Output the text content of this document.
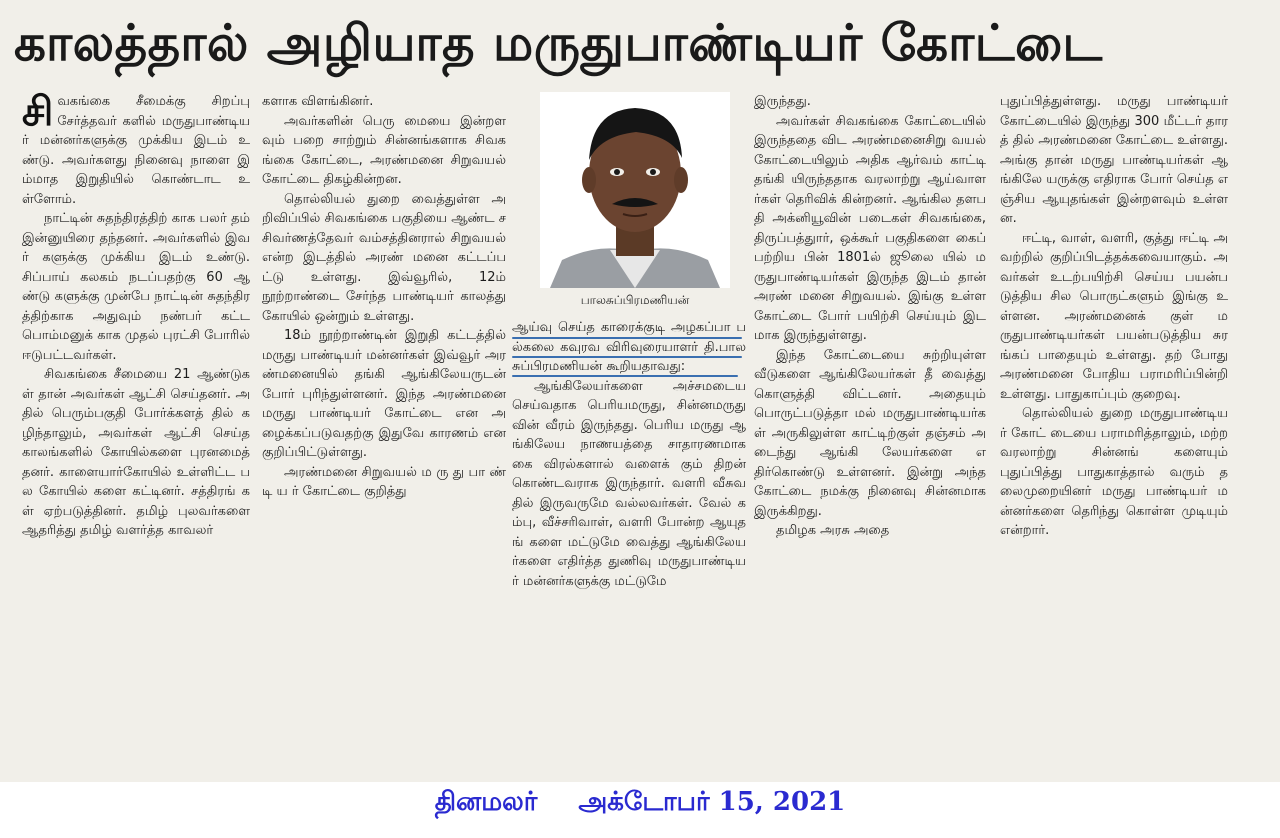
காலத்தால் அழியாத மருதுபாண்டியர் கோட்டை

சிவகங்கை சீமைக்கு சிறப்பு சேர்த்தவர் களில் மருதுபாண்டியர் மன்னர்களுக்கு முக்கிய இடம் உண்டு. அவர்களது நினைவு நாளை இம்மாத இறுதியில் கொண்டாட உள்ளோம்.

நாட்டின் சுதந்திரத்திற் காக பலர் தம் இன்னுயிரை தந்தனர். அவர்களில் இவர் களுக்கு முக்கிய இடம் உண்டு. சிப்பாய் கலகம் நடப்பதற்கு 60 ஆண்டு களுக்கு முன்பே நாட்டின் சுதந்திரத்திற்காக அதுவும் நண்பர் கட்டபொம்மனுக் காக முதல் புரட்சி போரில் ஈடுபட்டவர்கள்.

சிவகங்கை சீமையை 21 ஆண்டுகள் தான் அவர்கள் ஆட்சி செய்தனர். அதில் பெரும்பகுதி போர்க்களத் தில் கழிந்தாலும், அவர்கள் ஆட்சி செய்த காலங்களில் கோயில்களை புரனமைத் தனர். காளையார்கோயில் உள்ளிட்ட பல கோயில் களை கட்டினர். சத்திரங் கள் ஏற்படுத்தினர். தமிழ் புலவர்களை ஆதரித்து தமிழ் வளர்த்த காவலர்

களாக விளங்கினர்.

அவர்களின் பெரு மையை இன்றளவும் பறை சாற்றும் சின்னங்களாக சிவகங்கை கோட்டை, அரண்மனை சிறுவயல் கோட்டை திகழ்கின்றன.

தொல்லியல் துறை வைத்துள்ள அறிவிப்பில் சிவகங்கை பகுதியை ஆண்ட சசிவர்ணத்தேவர் வம்சத்தினரால் சிறுவயல் என்ற இடத்தில் அரண் மனை கட்டப்பட்டு உள்ளது. இவ்வூரில், 12ம் நூற்றாண்டை சேர்ந்த பாண்டியர் காலத்து கோயில் ஒன்றும் உள்ளது.

18ம் நூற்றாண்டின் இறுதி கட்டத்தில் மருது பாண்டியர் மன்னர்கள் இவ்வூர் அரண்மனையில் தங்கி ஆங்கிலேயருடன் போர் புரிந்துள்ளனர். இந்த அரண்மனை மருது பாண்டியர் கோட்டை என அழைக்கப்படுவதற்கு இதுவே காரணம் என குறிப்பிட்டுள்ளது.

அரண்மனை சிறுவயல் ம ரு து பா ண் டி ய ர் கோட்டை குறித்து

பாலசுப்பிரமணியன்

ஆய்வு செய்த காரைக்குடி அழகப்பா பல்கலை கவுரவ விரிவுரையாளர் தி.பாலசுப்பிரமணியன் கூறியதாவது:

ஆங்கிலேயர்களை அச்சமடைய செய்வதாக பெரியமருது, சின்னமருது வின் வீரம் இருந்தது. பெரிய மருது ஆங்கிலேய நாணயத்தை சாதாரணமாக கை விரல்களால் வளைக் கும் திறன் கொண்டவராக இருந்தார். வளரி வீசுவதில் இருவருமே வல்லவர்கள். வேல் கம்பு, வீச்சரிவாள், வளரி போன்ற ஆயுதங் களை மட்டுமே வைத்து ஆங்கிலேயர்களை எதிர்த்த துணிவு மருதுபாண்டியர் மன்னர்களுக்கு மட்டுமே

இருந்தது.

அவர்கள் சிவகங்கை கோட்டையில் இருந்ததை விட அரண்மனைசிறு வயல் கோட்டையிலும் அதிக ஆர்வம் காட்டி தங்கி யிருந்ததாக வரலாற்று ஆய்வாளர்கள் தெரிவிக் கின்றனர். ஆங்கில தளபதி அக்னியூவின் படைகள் சிவகங்கை, திருப்பத்துார், ஒக்கூர் பகுதிகளை கைப் பற்றிய பின் 1801ல் ஜூலை யில் மருதுபாண்டியர்கள் இருந்த இடம் தான் அரண் மனை சிறுவயல். இங்கு உள்ள கோட்டை போர் பயிற்சி செய்யும் இடமாக இருந்துள்ளது.

இந்த கோட்டையை சுற்றியுள்ள வீடுகளை ஆங்கிலேயர்கள் தீ வைத்து கொளுத்தி விட்டனர். அதையும் பொருட்படுத்தா மல் மருதுபாண்டியர்கள் அருகிலுள்ள காட்டிற்குள் தஞ்சம் அடைந்து ஆங்கி லேயர்களை எதிர்கொண்டு உள்ளனர். இன்று அந்த கோட்டை நமக்கு நினைவு சின்னமாக இருக்கிறது.

தமிழக அரசு அதை

புதுப்பித்துள்ளது. மருது பாண்டியர் கோட்டையில் இருந்து 300 மீட்டர் தாரத் தில் அரண்மனை கோட்டை உள்ளது. அங்கு தான் மருது பாண்டியர்கள் ஆங்கிலே யருக்கு எதிராக போர் செய்த எஞ்சிய ஆயுதங்கள் இன்றளவும் உள்ளன.

ஈட்டி, வாள், வளரி, குத்து ஈட்டி அவற்றில் குறிப்பிடத்தக்கவையாகும். அவர்கள் உடற்பயிற்சி செய்ய பயன்படுத்திய சில பொருட்களும் இங்கு உள்ளன. அரண்மனைக் குள் மருதுபாண்டியர்கள் பயன்படுத்திய சுரங்கப் பாதையும் உள்ளது. தற் போது அரண்மனை போதிய பராமரிப்பின்றி உள்ளது. பாதுகாப்பும் குறைவு.

தொல்லியல் துறை மருதுபாண்டியர் கோட் டையை பராமரித்தாலும், மற்ற வரலாற்று சின்னங் களையும் புதுப்பித்து பாதுகாத்தால் வரும் தலைமுறையினர் மருது பாண்டியர் மன்னர்களை தெரிந்து கொள்ள முடியும் என்றார்.

தினமலர் அக்டோபர் 15, 2021
